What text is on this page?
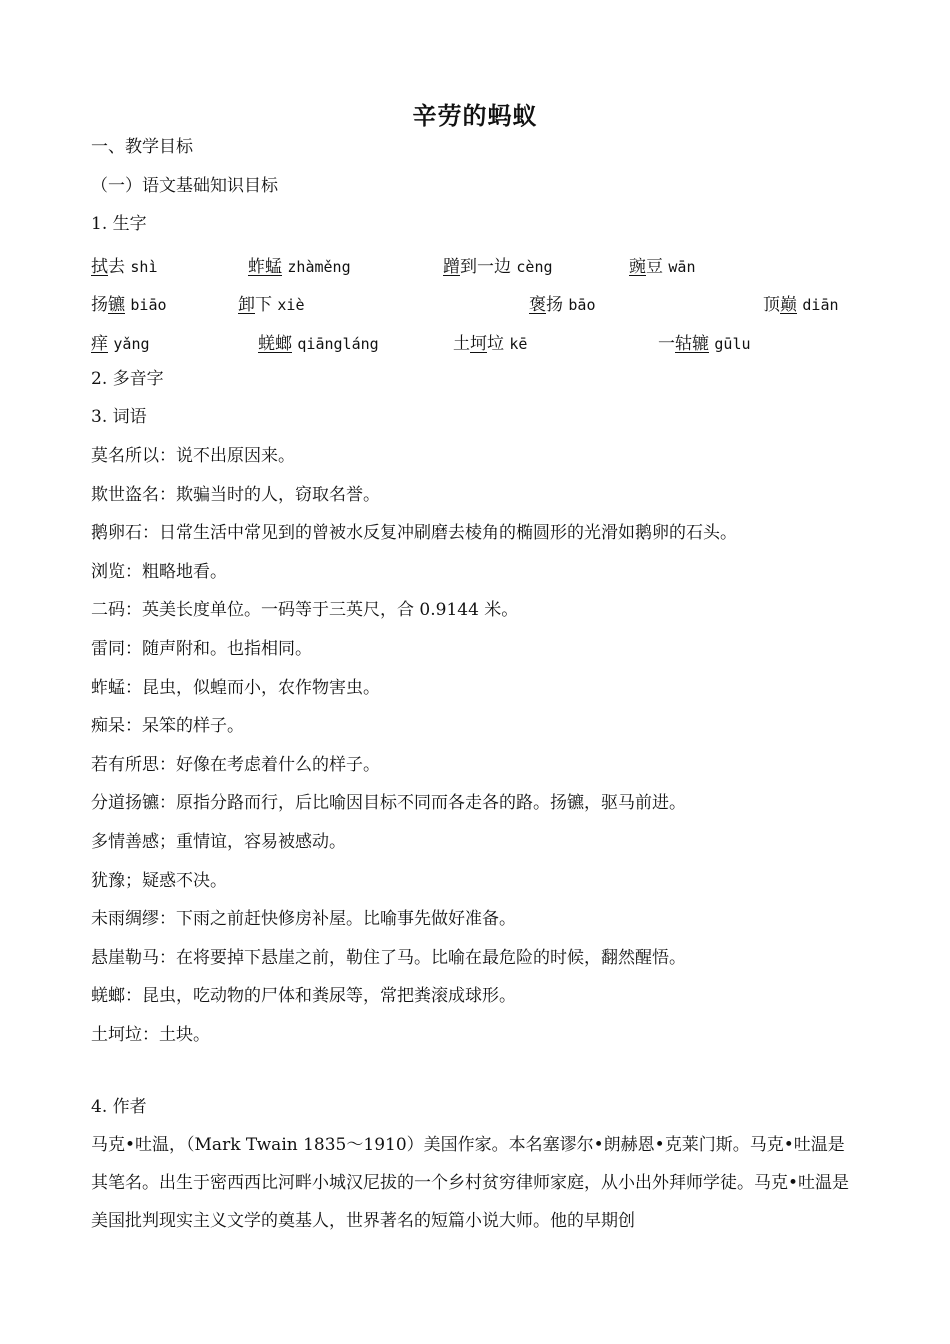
辛劳的蚂蚁
一、教学目标
（一）语文基础知识目标
1. 生字
拭去 shì	蚱蜢 zhàměng	蹭到一边 cèng	豌豆 wān
扬镳 biāo	卸下 xiè	褒扬 bāo	顶巅 diān
痒 yǎng	蜣螂 qiāngláng	土坷垃 kē	一轱辘 gūlu
2. 多音字
3. 词语
莫名所以：说不出原因来。
欺世盗名：欺骗当时的人，窃取名誉。
鹅卵石：日常生活中常见到的曾被水反复冲刷磨去棱角的椭圆形的光滑如鹅卵的石头。
浏览：粗略地看。
二码：英美长度单位。一码等于三英尺，合 0.9144 米。
雷同：随声附和。也指相同。
蚱蜢：昆虫，似蝗而小，农作物害虫。
痴呆：呆笨的样子。
若有所思：好像在考虑着什么的样子。
分道扬镳：原指分路而行，后比喻因目标不同而各走各的路。扬镳，驱马前进。
多情善感；重情谊，容易被感动。
犹豫；疑惑不决。
未雨绸缪：下雨之前赶快修房补屋。比喻事先做好准备。
悬崖勒马：在将要掉下悬崖之前，勒住了马。比喻在最危险的时候，翻然醒悟。
蜣螂：昆虫，吃动物的尸体和粪尿等，常把粪滚成球形。
土坷垃：土块。
4. 作者
马克•吐温，（Mark Twain 1835～1910）美国作家。本名塞谬尔•朗赫恩•克莱门斯。马克•吐温是其笔名。出生于密西西比河畔小城汉尼拔的一个乡村贫穷律师家庭，从小出外拜师学徒。马克•吐温是美国批判现实主义文学的奠基人，世界著名的短篇小说大师。他的早期创
